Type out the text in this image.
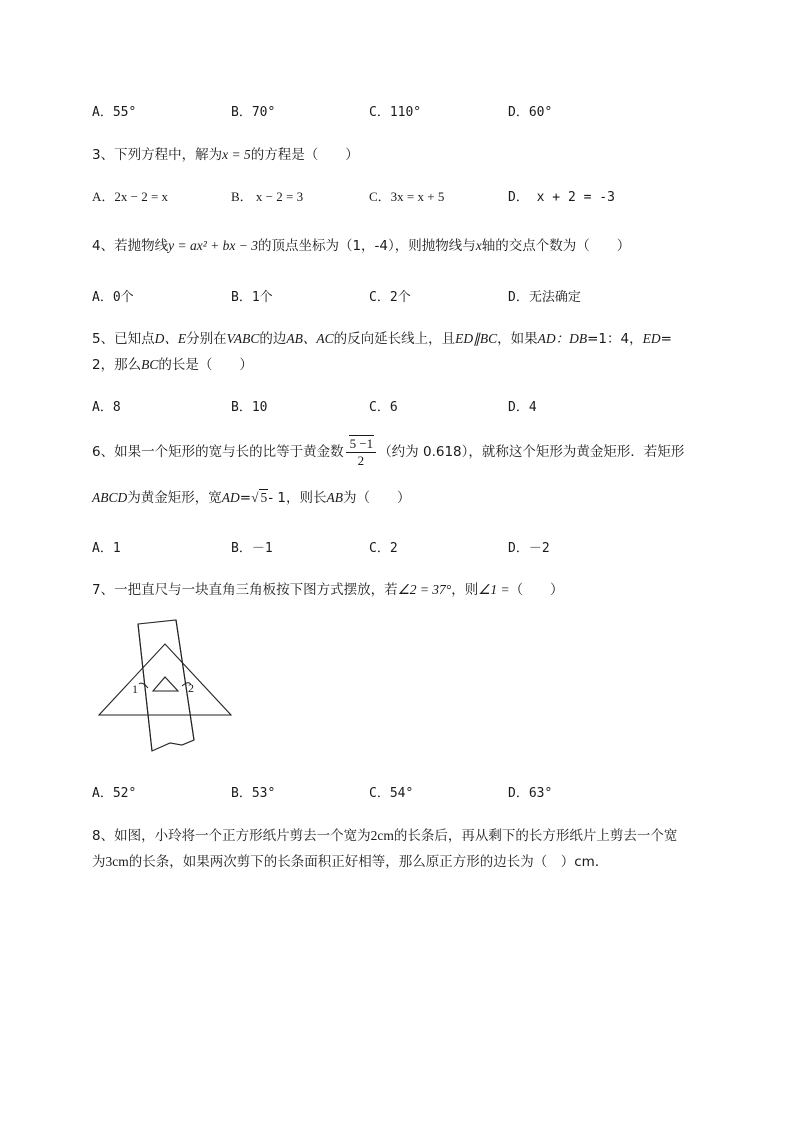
A．55°	B．70°	C．110°	D．60°
3、下列方程中，解为x = 5的方程是（　　）
A．2x − 2 = x	B． x − 2 = 3	C．3x = x + 5	D． x + 2 = -3
4、若抛物线y = ax² + bx − 3的顶点坐标为（1，-4），则抛物线与x轴的交点个数为（　　）
A．0个	B．1个	C．2个	D．无法确定
5、已知点D、E分别在VABC的边AB、AC的反向延长线上，且ED∥BC，如果AD：DB=1：4，ED=
2，那么BC的长是（　　）
A．8	B．10	C．6	D．4
6、如果一个矩形的宽与长的比等于黄金数 $\frac{5 -1}{2}$ （约为 0.618），就称这个矩形为黄金矩形．若矩形
ABCD为黄金矩形，宽AD=√ 5- 1，则长AB为（　　）
A．1	B．－1	C．2	D．－2
7、一把直尺与一块直角三角板按下图方式摆放，若∠2 = 37°，则∠1 =（　　）
1	2
A．52°	B．53°	C．54°	D．63°
8、如图，小玲将一个正方形纸片剪去一个宽为2cm的长条后，再从剩下的长方形纸片上剪去一个宽
为3cm的长条，如果两次剪下的长条面积正好相等，那么原正方形的边长为（　）cm．
